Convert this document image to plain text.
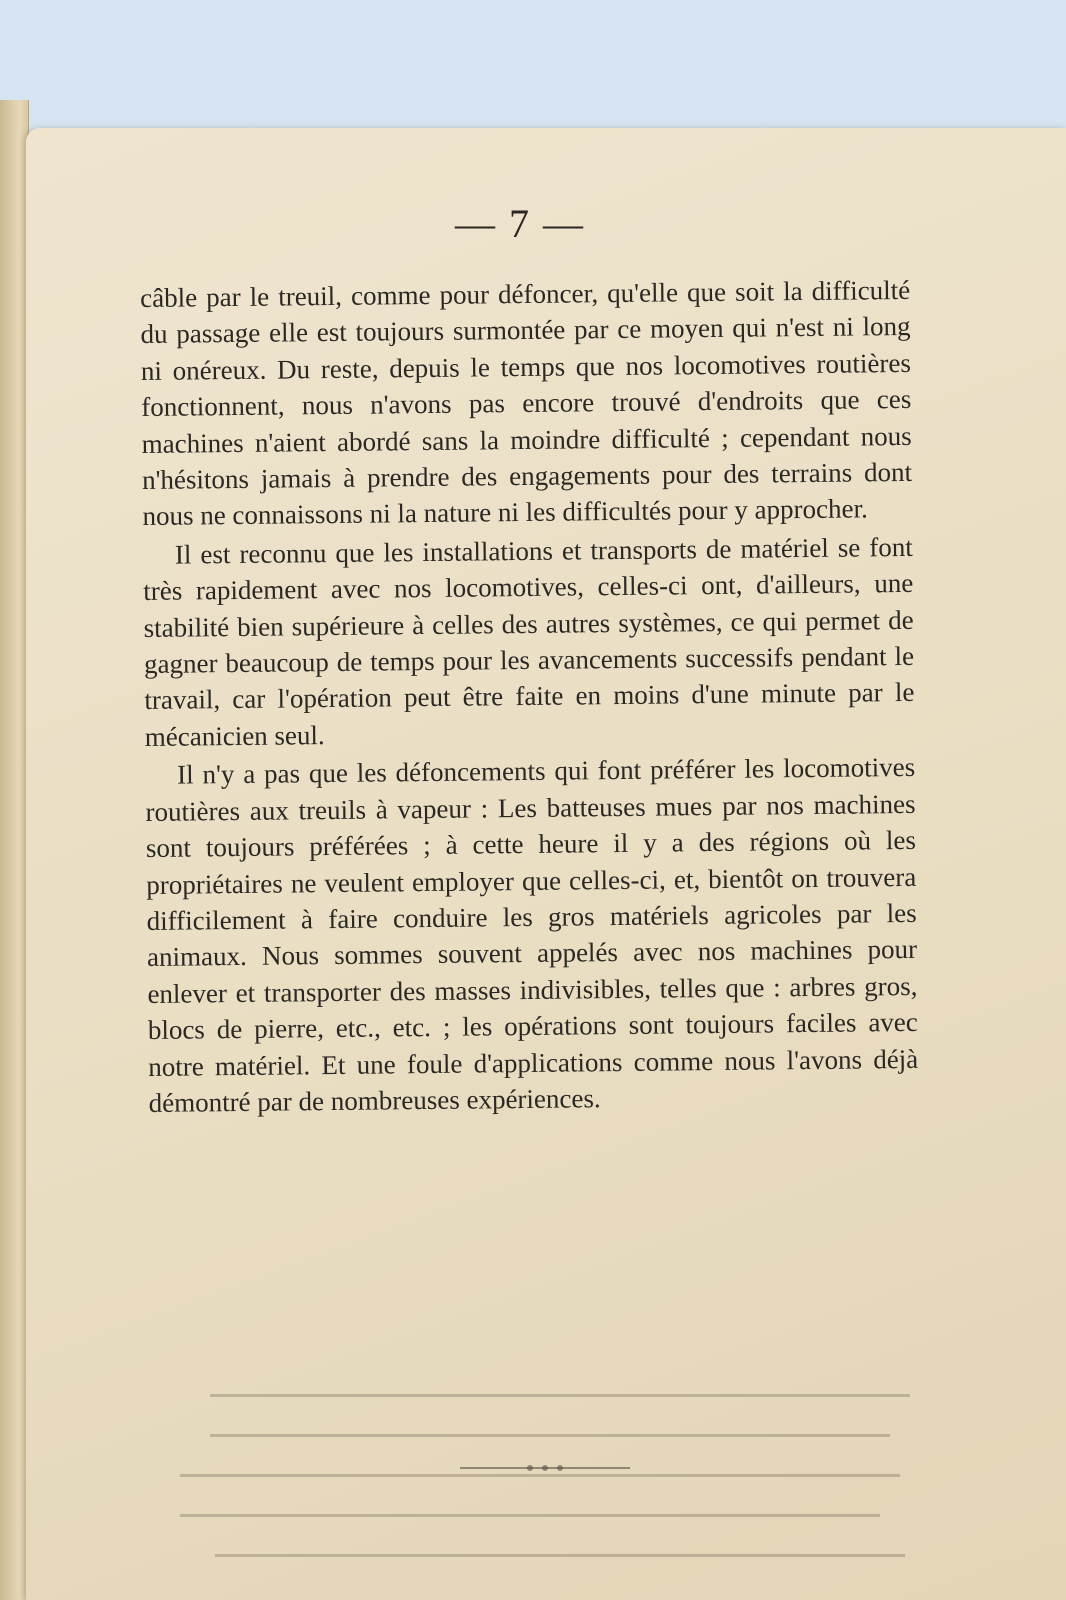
— 7 —

câble par le treuil, comme pour défoncer, qu'elle que soit la difficulté du passage elle est toujours surmontée par ce moyen qui n'est ni long ni onéreux. Du reste, depuis le temps que nos locomotives routières fonctionnent, nous n'avons pas encore trouvé d'endroits que ces machines n'aient abordé sans la moindre difficulté ; cependant nous n'hésitons jamais à prendre des engagements pour des terrains dont nous ne connaissons ni la nature ni les difficultés pour y approcher.

Il est reconnu que les installations et transports de matériel se font très rapidement avec nos locomotives, celles-ci ont, d'ailleurs, une stabilité bien supérieure à celles des autres systèmes, ce qui permet de gagner beaucoup de temps pour les avancements successifs pendant le travail, car l'opération peut être faite en moins d'une minute par le mécanicien seul.

Il n'y a pas que les défoncements qui font préférer les locomotives routières aux treuils à vapeur : Les batteuses mues par nos machines sont toujours préférées ; à cette heure il y a des régions où les propriétaires ne veulent employer que celles-ci, et, bientôt on trouvera difficilement à faire conduire les gros matériels agricoles par les animaux. Nous sommes souvent appelés avec nos machines pour enlever et transporter des masses indivisibles, telles que : arbres gros, blocs de pierre, etc., etc. ; les opérations sont toujours faciles avec notre matériel. Et une foule d'applications comme nous l'avons déjà démontré par de nombreuses expériences.
